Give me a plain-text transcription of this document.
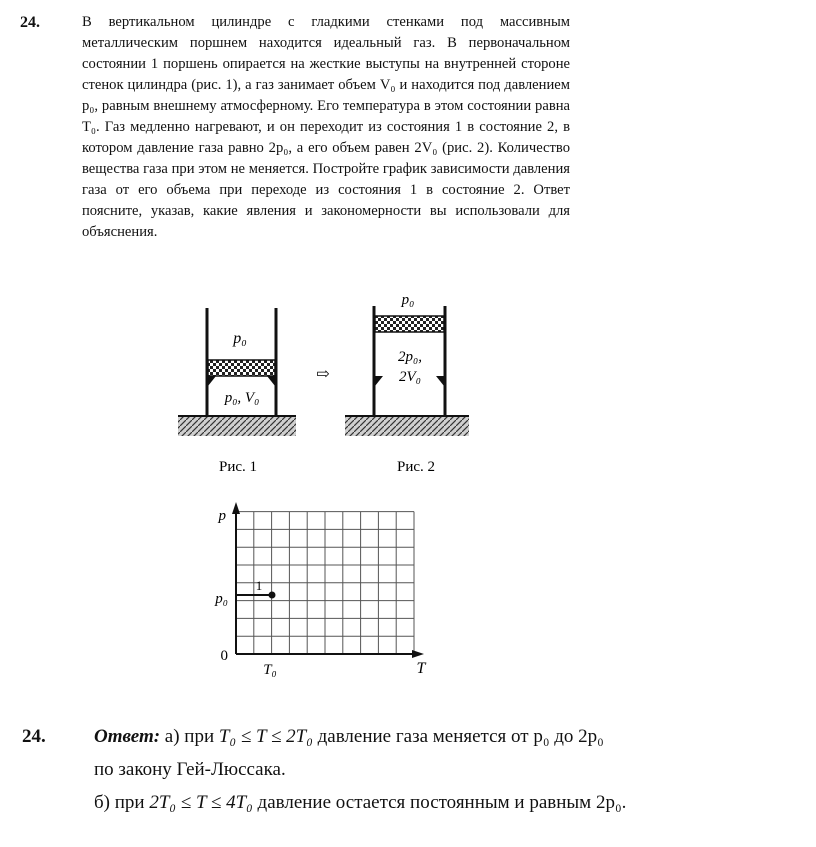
24.	В вертикальном цилиндре с гладкими стенками под массивным металлическим поршнем находится идеальный газ. В первоначальном состоянии 1 поршень опирается на жесткие выступы на внутренней стороне стенок цилиндра (рис. 1), а газ занимает объем V₀ и находится под давлением p₀, равным внешнему атмосферному. Его температура в этом состоянии равна T₀. Газ медленно нагревают, и он переходит из состояния 1 в состояние 2, в котором давление газа равно 2p₀, а его объем равен 2V₀ (рис. 2). Количество вещества газа при этом не меняется. Постройте график зависимости давления газа от его объема при переходе из состояния 1 в состояние 2. Ответ поясните, указав, какие явления и закономерности вы использовали для объяснения.
p₀
p₀, V₀
Рис. 1
⇨
p₀
2p₀,
2V₀
Рис. 2
p
p₀
0
T₀	T
1
24.	Ответ: а) при T₀ ≤ T ≤ 2T₀ давление газа меняется от p₀ до 2p₀
по закону Гей-Люссака.
б) при 2T₀ ≤ T ≤ 4T₀ давление остается постоянным и равным 2p₀.
